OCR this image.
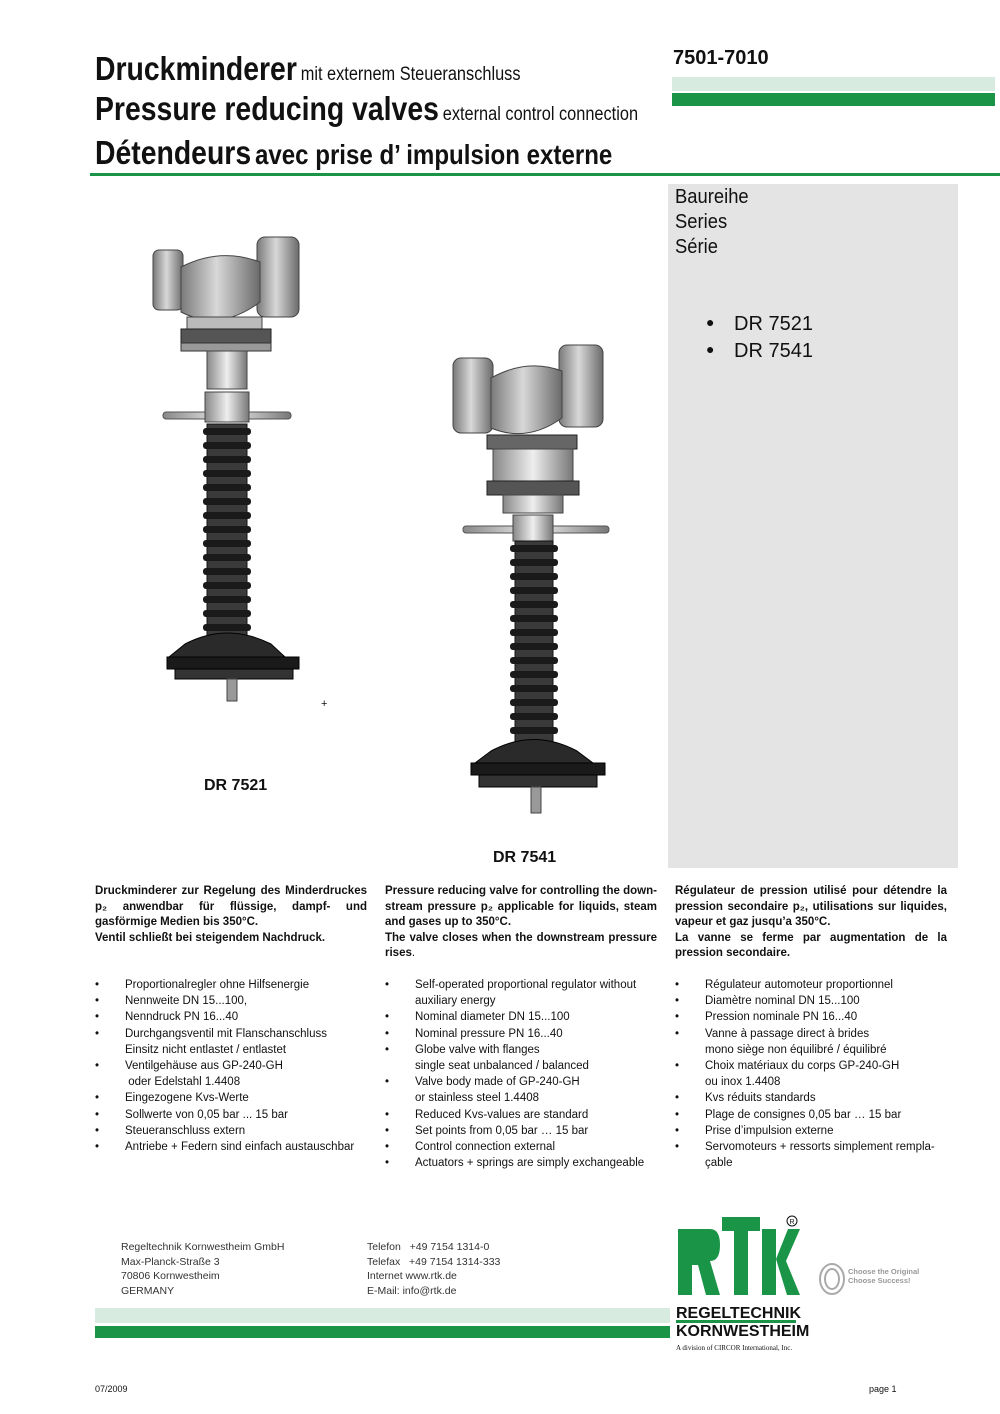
Druckminderer mit externem Steueranschluss
Pressure reducing valves external control connection
Détendeurs avec prise d’ impulsion externe
7501-7010
Baureihe
Series
Série
● DR 7521
● DR 7541
+
DR 7521
DR 7541

Druckminderer zur Regelung des Minderdruckes p₂ anwendbar für flüssige, dampf- und gasförmige Medien bis 350°C.

Ventil schließt bei steigendem Nachdruck.

Pressure reducing valve for controlling the downstream pressure p₂ applicable for liquids, steam and gases up to 350°C.

The valve closes when the downstream pressure rises.

Régulateur de pression utilisé pour détendre la pression secondaire p₂, utilisations sur liquides, vapeur et gaz jusqu’a 350°C.

La vanne se ferme par augmentation de la pression secondaire.

• Proportionalregler ohne Hilfsenergie
• Nennweite DN 15...100,
• Nenndruck PN 16...40
• Durchgangsventil mit Flanschanschluss
Einsitz nicht entlastet / entlastet
• Ventilgehäuse aus GP-240-GH
oder Edelstahl 1.4408
• Eingezogene Kvs-Werte
• Sollwerte von 0,05 bar ... 15 bar
• Steueranschluss extern
• Antriebe + Federn sind einfach austauschbar
• Self-operated proportional regulator without
auxiliary energy
• Nominal diameter DN 15...100
• Nominal pressure PN 16...40
• Globe valve with flanges
single seat unbalanced / balanced
• Valve body made of GP-240-GH
or stainless steel 1.4408
• Reduced Kvs-values are standard
• Set points from 0,05 bar … 15 bar
• Control connection external
• Actuators + springs are simply exchangeable
• Régulateur automoteur proportionnel
• Diamètre nominal DN 15...100
• Pression nominale PN 16...40
• Vanne à passage direct à brides
mono siège non équilibré / équilibré
• Choix matériaux du corps GP-240-GH
ou inox 1.4408
• Kvs réduits standards
• Plage de consignes 0,05 bar … 15 bar
• Prise d’impulsion externe
• Servomoteurs + ressorts simplement rempla-
çable
Regeltechnik Kornwestheim GmbH
Max-Planck-Straße 3
70806 Kornwestheim
GERMANY
Telefon   +49 7154 1314-0
Telefax   +49 7154 1314-333
Internet www.rtk.de
E-Mail: info@rtk.de
R
REGELTECHNIK
KORNWESTHEIM
A division of CIRCOR International, Inc.
Choose the Original
Choose Success!
07/2009	page 1
